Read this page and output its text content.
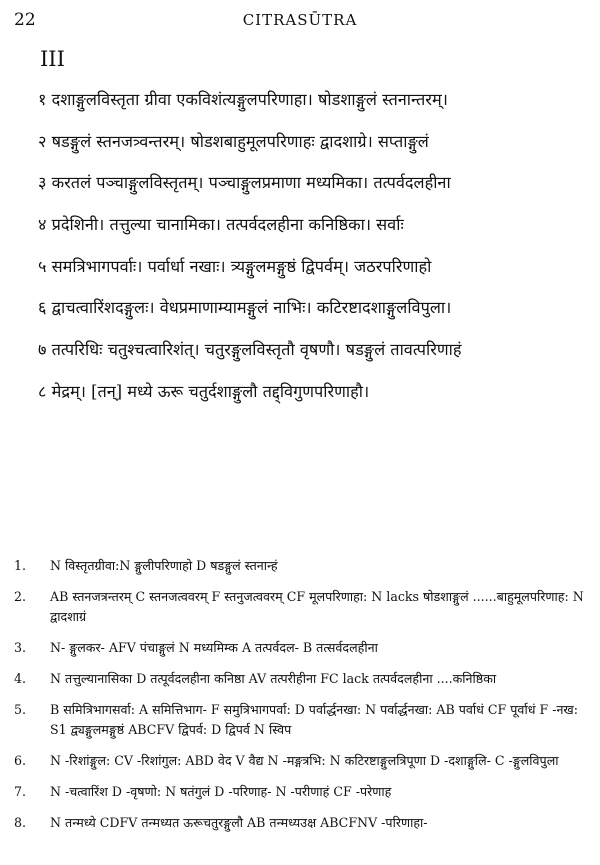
22	CITRASŪTRA
III
१ दशाङ्गुलविस्तृता ग्रीवा एकविशंत्यङ्गुलपरिणाहा। षोडशाङ्गुलं स्तनान्तरम्।
२ षडङ्गुलं स्तनजत्र्वन्तरम्। षोडशबाहुमूलपरिणाहः द्वादशाग्रे। सप्ताङ्गुलं
३ करतलं पञ्चाङ्गुलविस्तृतम्। पञ्चाङ्गुलप्रमाणा मध्यमिका। तत्पर्वदलहीना
४ प्रदेशिनी। तत्तुल्या चानामिका। तत्पर्वदलहीना कनिष्ठिका। सर्वाः
५ समत्रिभागपर्वाः। पर्वार्धा नखाः। त्र्यङ्गुलमङ्गुष्ठं द्विपर्वम्। जठरपरिणाहो
६ द्वाचत्वारिंशदङ्गुलः। वेधप्रमाणाम्यामङ्गुलं नाभिः। कटिरष्टादशाङ्गुलविपुला।
७ तत्परिधिः चतुश्चत्वारिशंत्। चतुरङ्गुलविस्तृतौ वृषणौ। षडङ्गुलं तावत्परिणाहं
८ मेद्रम्। [तन्] मध्ये ऊरू चतुर्दशाङ्गुलौ तद्द्विगुणपरिणाहौ।
1.	N विस्तृतग्रीवा:N ङ्गुलीपरिणाहो D षडङ्गुलं स्तनान्हं
2.	AB स्तनजत्रन्तरम् C स्तनजत्ववरम् F स्तनुजत्ववरम् CF मूलपरिणाहा: N lacks षोडशाङ्गुलं ......बाहुमूलपरिणाह: N द्वादशाग्रं
3.	N- ङ्गुलकर- AFV पंचाङ्गुलं N मध्यमिम्क A तत्पर्वदल- B तत्सर्वदलहीना
4.	N तत्तुल्यानासिका D तत्पूर्वदलहीना कनिष्ठा AV तत्परीहीना FC lack तत्पर्वदलहीना ....कनिष्ठिका
5.	B समित्रिभागसर्वा: A समित्तिभाग- F समुत्रिभागपर्वा: D पर्वार्द्धनखा: N पर्वार्द्धनखा: AB पर्वाधं CF पूर्वाधं F -नख: S1 द्व्यङ्गुलमङ्गुष्ठं ABCFV द्विपर्व: D द्विपर्व N स्विप
6.	N -रिशांङ्गुल: CV -रिशांगुल: ABD वेद V वैद्य N -मङ्गत्रभि: N कटिरष्टाङ्गुलत्रिपूणा D -दशाङ्गुलि- C -ङ्गुलविपुला
7.	N -चत्वारिंश D -वृषणो: N षतंगुलं D -परिणाह- N -परीणाहं CF -परेणाह
8.	N तन्मध्ये CDFV तन्मध्यत ऊरूचतुरङ्गुलौ AB तन्मध्यउक्ष ABCFNV -परिणाहा-
